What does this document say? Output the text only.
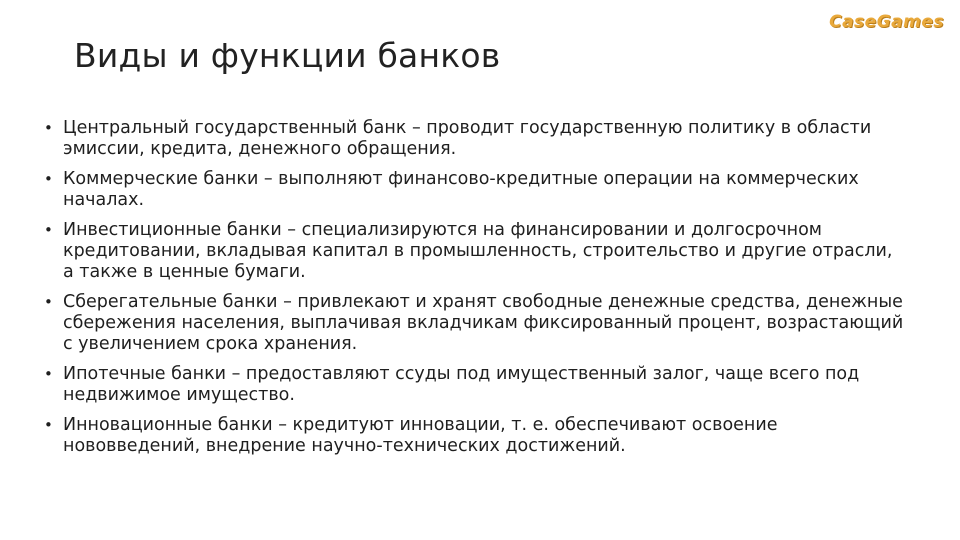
CaseGames
Виды и функции банков
• Центральный государственный банк – проводит государственную политику в области эмиссии, кредита, денежного обращения.
• Коммерческие банки – выполняют финансово-кредитные операции на коммерческих началах.
• Инвестиционные банки – специализируются на финансировании и долгосрочном кредитовании, вкладывая капитал в промышленность, строительство и другие отрасли, а также в ценные бумаги.
• Сберегательные банки – привлекают и хранят свободные денежные средства, денежные сбережения населения, выплачивая вкладчикам фиксированный процент, возрастающий с увеличением срока хранения.
• Ипотечные банки – предоставляют ссуды под имущественный залог, чаще всего под недвижимое имущество.
• Инновационные банки – кредитуют инновации, т. е. обеспечивают освоение нововведений, внедрение научно-технических достижений.
